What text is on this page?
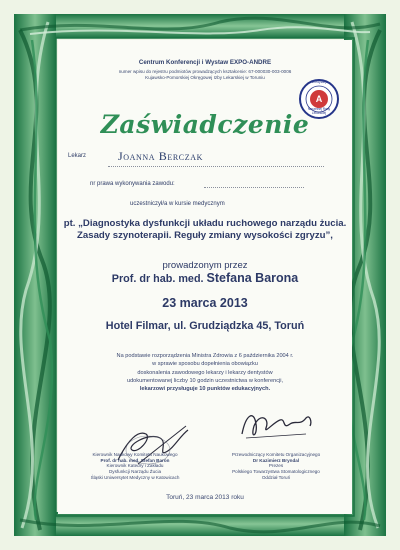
Centrum Konferencji i Wystaw EXPO-ANDRE
numer wpisu do rejestru podmiotów prowadzących kształcenie: 67-000030-003-0006
Kujawsko-Pomorskiej Okręgowej Izby Lekarskiej w Toruniu
A
Akredytacja
Naczelnej Rady
Lekarskiej
Zaświadczenie
Lekarz	Joanna Berczak
nr prawa wykonywania zawodu:
uczestniczył/a w kursie medycznym
pt. „Diagnostyka dysfunkcji układu ruchowego narządu żucia.
Zasady szynoterapii. Reguły zmiany wysokości zgryzu”,
prowadzonym przez
Prof. dr hab. med. Stefana Barona
23 marca 2013
Hotel Filmar, ul. Grudziądzka 45, Toruń
Na podstawie rozporządzenia Ministra Zdrowia z 6 października 2004 r.
w sprawie sposobu dopełnienia obowiązku
doskonalenia zawodowego lekarzy i lekarzy dentystów
udokumentowanej liczby 10 godzin uczestnictwa w konferencji,
lekarzowi przysługuje 10 punktów edukacyjnych.
Kierownik Naukowy Komitetu Naukowego
Prof. dr hab. med. Stefan Baron
Kierownik Katedry i Zakładu
Dysfunkcji Narządu Żucia
Śląski Uniwersytet Medyczny w Katowicach
Przewodniczący Komitetu Organizacyjnego
Dr Kazimierz Bryndal
Prezes
Polskiego Towarzystwa Stomatologicznego
Oddział Toruń
Toruń, 23 marca 2013 roku
